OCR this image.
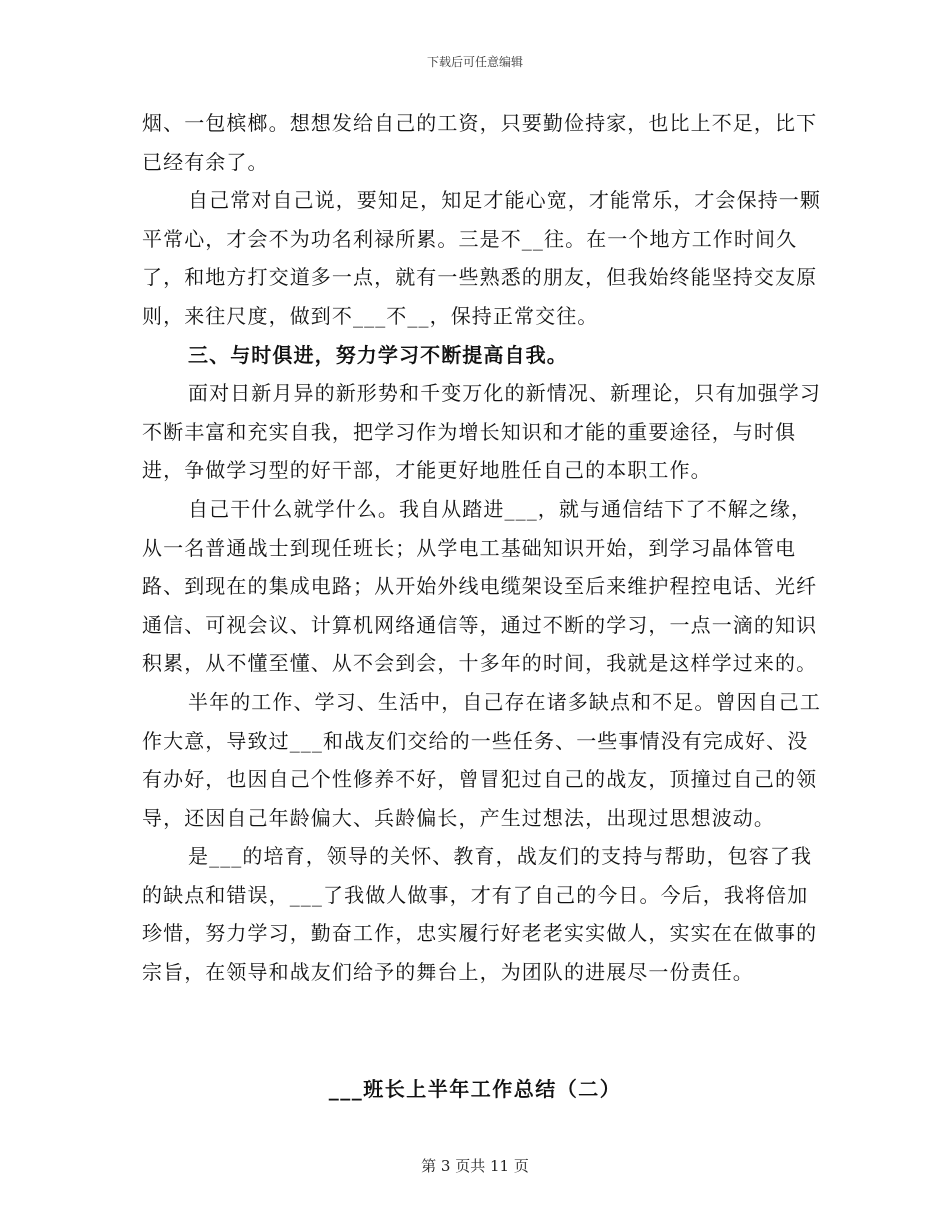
下载后可任意编辑

烟、一包槟榔。想想发给自己的工资，只要勤俭持家，也比上不足，比下已经有余了。

自己常对自己说，要知足，知足才能心宽，才能常乐，才会保持一颗平常心，才会不为功名利禄所累。三是不__往。在一个地方工作时间久了，和地方打交道多一点，就有一些熟悉的朋友，但我始终能坚持交友原则，来往尺度，做到不___不__，保持正常交往。

三、与时俱进，努力学习不断提高自我。

面对日新月异的新形势和千变万化的新情况、新理论，只有加强学习不断丰富和充实自我，把学习作为增长知识和才能的重要途径，与时俱进，争做学习型的好干部，才能更好地胜任自己的本职工作。

自己干什么就学什么。我自从踏进___，就与通信结下了不解之缘，从一名普通战士到现任班长；从学电工基础知识开始，到学习晶体管电路、到现在的集成电路；从开始外线电缆架设至后来维护程控电话、光纤通信、可视会议、计算机网络通信等，通过不断的学习，一点一滴的知识积累，从不懂至懂、从不会到会，十多年的时间，我就是这样学过来的。

半年的工作、学习、生活中，自己存在诸多缺点和不足。曾因自己工作大意，导致过___和战友们交给的一些任务、一些事情没有完成好、没有办好，也因自己个性修养不好，曾冒犯过自己的战友，顶撞过自己的领导，还因自己年龄偏大、兵龄偏长，产生过想法，出现过思想波动。

是___的培育，领导的关怀、教育，战友们的支持与帮助，包容了我的缺点和错误，___了我做人做事，才有了自己的今日。今后，我将倍加珍惜，努力学习，勤奋工作，忠实履行好老老实实做人，实实在在做事的宗旨，在领导和战友们给予的舞台上，为团队的进展尽一份责任。

___班长上半年工作总结（二）
第 3 页共 11 页
